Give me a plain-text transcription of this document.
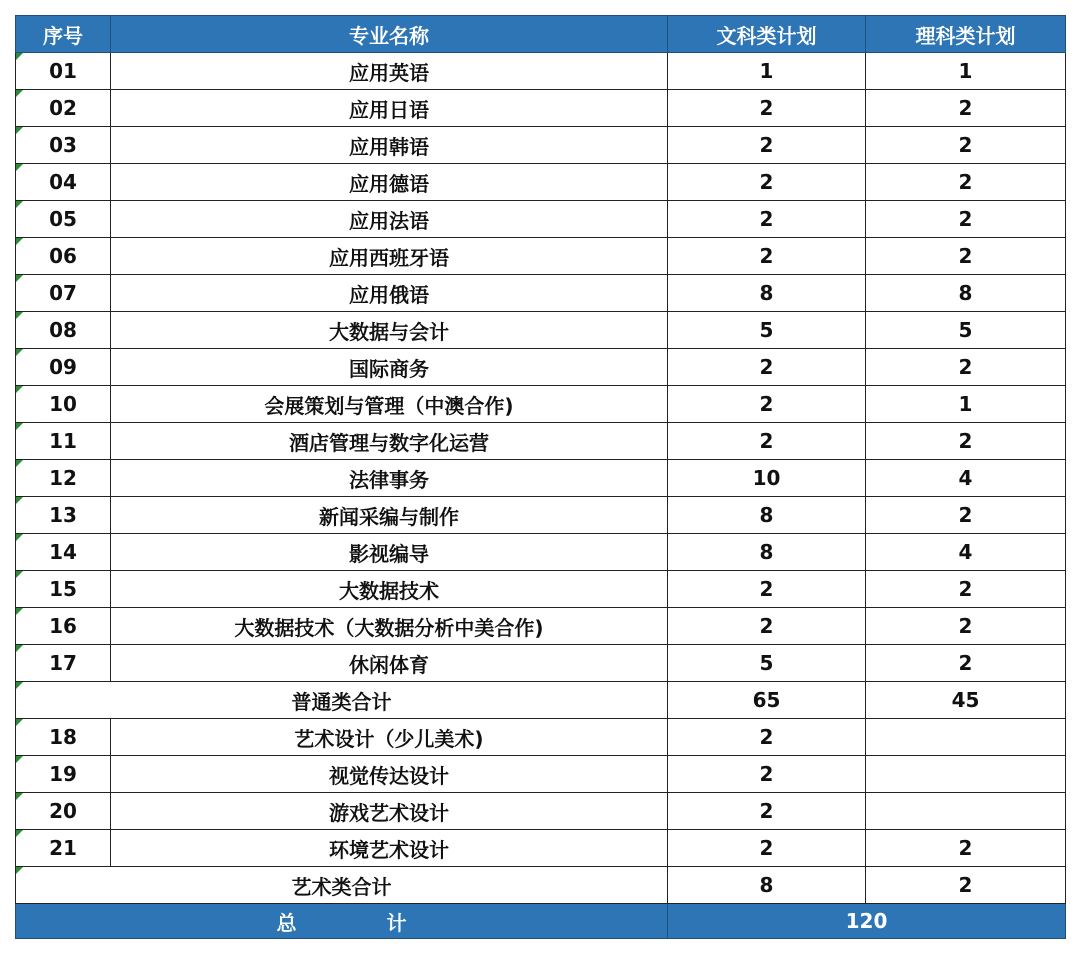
序号	专业名称	文科类计划	理科类计划
01	应用英语	1	1
02	应用日语	2	2
03	应用韩语	2	2
04	应用德语	2	2
05	应用法语	2	2
06	应用西班牙语	2	2
07	应用俄语	8	8
08	大数据与会计	5	5
09	国际商务	2	2
10	会展策划与管理（中澳合作)	2	1
11	酒店管理与数字化运营	2	2
12	法律事务	10	4
13	新闻采编与制作	8	2
14	影视编导	8	4
15	大数据技术	2	2
16	大数据技术（大数据分析中美合作)	2	2
17	休闲体育	5	2
普通类合计		65	45
18	艺术设计（少儿美术)	2	
19	视觉传达设计	2	
20	游戏艺术设计	2	
21	环境艺术设计	2	2
艺术类合计		8	2
总 计		120	
